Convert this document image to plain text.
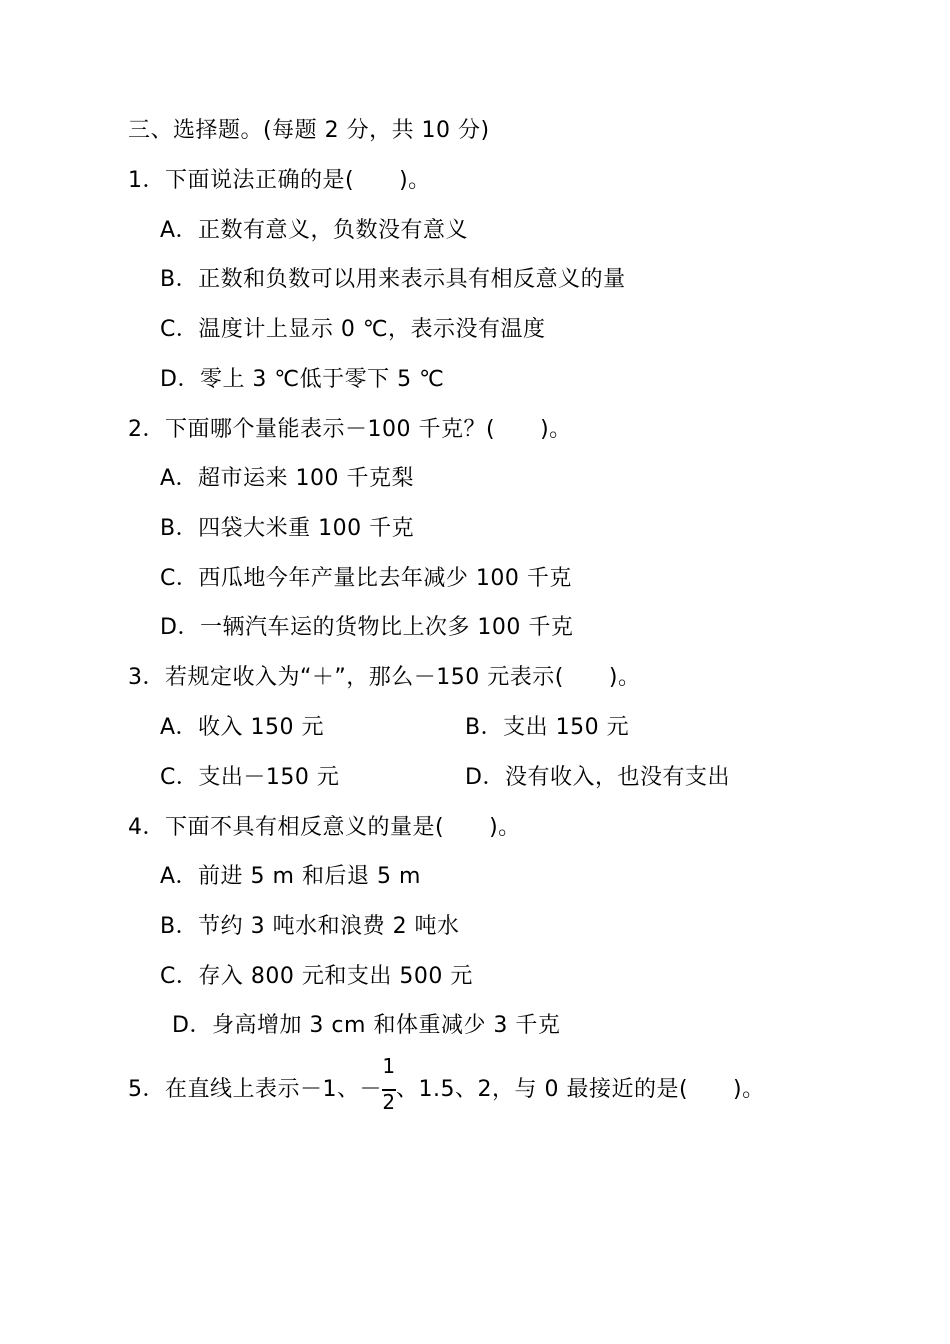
三、选择题。(每题 2 分，共 10 分)
1．下面说法正确的是(　　)。
A．正数有意义，负数没有意义
B．正数和负数可以用来表示具有相反意义的量
C．温度计上显示 0 ℃，表示没有温度
D．零上 3 ℃低于零下 5 ℃
2．下面哪个量能表示－100 千克？(　　)。
A．超市运来 100 千克梨
B．四袋大米重 100 千克
C．西瓜地今年产量比去年减少 100 千克
D．一辆汽车运的货物比上次多 100 千克
3．若规定收入为“＋”，那么－150 元表示(　　)。
A．收入 150 元	B．支出 150 元
C．支出－150 元	D．没有收入，也没有支出
4．下面不具有相反意义的量是(　　)。
A．前进 5 m 和后退 5 m
B．节约 3 吨水和浪费 2 吨水
C．存入 800 元和支出 500 元
D．身高增加 3 cm 和体重减少 3 千克
5．在直线上表示－1、－ $\frac{1}{2}$ 、1.5、2，与 0 最接近的是(　　)。
